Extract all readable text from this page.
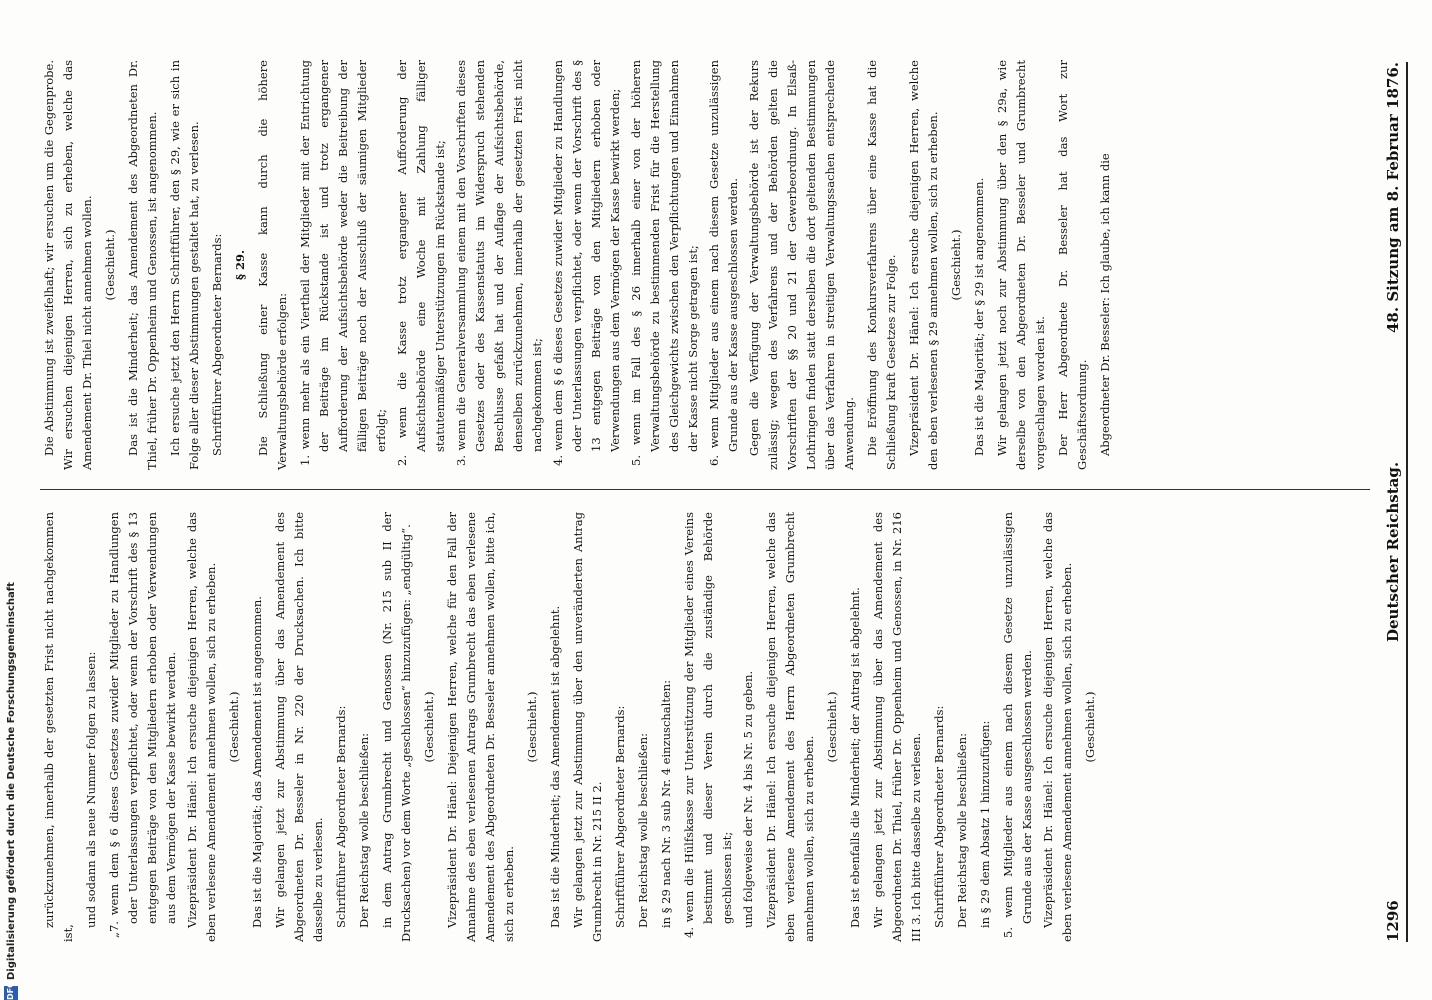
1296
Deutscher Reichstag.
48. Sitzung am 8. Februar 1876.

zurückzunehmen, innerhalb der gesetzten Frist nicht nachgekommen ist,

und sodann als neue Nummer folgen zu lassen: „7. wenn dem § 6 dieses Gesetzes zuwider Mitglieder zu Handlungen oder Unterlassungen verpflichtet, oder wenn der Vorschrift des § 13 entgegen Beiträge von den Mitgliedern erhoben oder Verwendungen aus dem Vermögen der Kasse bewirkt werden. Vizepräsident Dr. Hänel: Ich ersuche diejenigen Herren, welche das eben verlesene Amendement annehmen wollen, sich zu erheben. (Geschieht.) Das ist die Majorität; das Amendement ist angenommen. Wir gelangen jetzt zur Abstimmung über das Amendement des Abgeordneten Dr. Besseler in Nr. 220 der Drucksachen. Ich bitte dasselbe zu verlesen. Schriftführer Abgeordneter Bernards: Der Reichstag wolle beschließen: in dem Antrag Grumbrecht und Genossen (Nr. 215 sub II der Drucksachen) vor dem Worte „geschlossen“ hinzuzufügen: „endgültig“. (Geschieht.) Vizepräsident Dr. Hänel: Diejenigen Herren, welche für den Fall der Annahme des eben verlesenen Antrags Grumbrecht das eben verlesene Amendement des Abgeordneten Dr. Besseler annehmen wollen, bitte ich, sich zu erheben.

(Geschieht.) Das ist die Minderheit; das Amendement ist abgelehnt. Wir gelangen jetzt zur Abstimmung über den unveränderten Antrag Grumbrecht in Nr. 215 II 2. Schriftführer Abgeordneter Bernards: Der Reichstag wolle beschließen: in § 29 nach Nr. 3 sub Nr. 4 einzuschalten: 4. wenn die Hülfskasse zur Unterstützung der Mitglieder eines Vereins bestimmt und dieser Verein durch die zuständige Behörde geschlossen ist; und folgeweise der Nr. 4 bis Nr. 5 zu geben. Vizepräsident Dr. Hänel: Ich ersuche diejenigen Herren, welche das eben verlesene Amendement des Herrn Abgeordneten Grumbrecht annehmen wollen, sich zu erheben.

(Geschieht.) Das ist ebenfalls die Minderheit; der Antrag ist abgelehnt. Wir gelangen jetzt zur Abstimmung über das Amendement des Abgeordneten Dr. Thiel, früher Dr. Oppenheim und Genossen, in Nr. 216 III 3. Ich bitte dasselbe zu verlesen. Schriftführer Abgeordneter Bernards: Der Reichstag wolle beschließen: in § 29 dem Absatz 1 hinzuzufügen: 5. wenn Mitglieder aus einem nach diesem Gesetze unzulässigen Grunde aus der Kasse ausgeschlossen werden. Vizepräsident Dr. Hänel: Ich ersuche diejenigen Herren, welche das eben verlesene Amendement annehmen wollen, sich zu erheben. (Geschieht.)

Die Abstimmung ist zweifelhaft; wir ersuchen um die Gegenprobe. Wir ersuchen diejenigen Herren, sich zu erheben, welche das Amendement Dr. Thiel nicht annehmen wollen. (Geschieht.) Das ist die Minderheit; das Amendement des Abgeordneten Dr. Thiel, früher Dr. Oppenheim und Genossen, ist angenommen. Ich ersuche jetzt den Herrn Schriftführer, den § 29, wie er sich in Folge aller dieser Abstimmungen gestaltet hat, zu verlesen. Schriftführer Abgeordneter Bernards: § 29. Die Schließung einer Kasse kann durch die höhere Verwaltungsbehörde erfolgen: 1. wenn mehr als ein Viertheil der Mitglieder mit der Entrichtung der Beiträge im Rückstande ist und trotz ergangener Aufforderung der Aufsichtsbehörde weder die Beitreibung der fälligen Beiträge noch der Ausschluß der säumigen Mitglieder erfolgt; 2. wenn die Kasse trotz ergangener Aufforderung der Aufsichtsbehörde eine Woche mit Zahlung fälliger statutenmäßiger Unterstützungen im Rückstande ist; 3. wenn die Generalversammlung einem mit den Vorschriften dieses Gesetzes oder des Kassenstatuts im Widerspruch stehenden Beschlusse gefaßt hat und der Auflage der Aufsichtsbehörde, denselben zurückzunehmen, innerhalb der gesetzten Frist nicht nachgekommen ist; 4. wenn dem § 6 dieses Gesetzes zuwider Mitglieder zu Handlungen oder Unterlassungen verpflichtet, oder wenn der Vorschrift des § 13 entgegen Beiträge von den Mitgliedern erhoben oder Verwendungen aus dem Vermögen der Kasse bewirkt werden; 5. wenn im Fall des § 26 innerhalb einer von der höheren Verwaltungsbehörde zu bestimmenden Frist für die Herstellung des Gleichgewichts zwischen den Verpflichtungen und Einnahmen der Kasse nicht Sorge getragen ist; 6. wenn Mitglieder aus einem nach diesem Gesetze unzulässigen Grunde aus der Kasse ausgeschlossen werden. Gegen die Verfügung der Verwaltungsbehörde ist der Rekurs zulässig; wegen des Verfahrens und der Behörden gelten die Vorschriften der §§ 20 und 21 der Gewerbeordnung. In Elsaß-Lothringen finden statt derselben die dort geltenden Bestimmungen über das Verfahren in streitigen Verwaltungssachen entsprechende Anwendung. Die Eröffnung des Konkursverfahrens über eine Kasse hat die Schließung kraft Gesetzes zur Folge. Vizepräsident Dr. Hänel: Ich ersuche diejenigen Herren, welche den eben verlesenen § 29 annehmen wollen, sich zu erheben. (Geschieht.) Das ist die Majorität; der § 29 ist angenommen. Wir gelangen jetzt noch zur Abstimmung über den § 29a, wie derselbe von den Abgeordneten Dr. Besseler und Grumbrecht vorgeschlagen worden ist. Der Herr Abgeordnete Dr. Besseler hat das Wort zur Geschäftsordnung. Abgeordneter Dr. Besseler: Ich glaube, ich kann die

DFG
Digitalisierung gefördert durch die Deutsche Forschungsgemeinschaft
